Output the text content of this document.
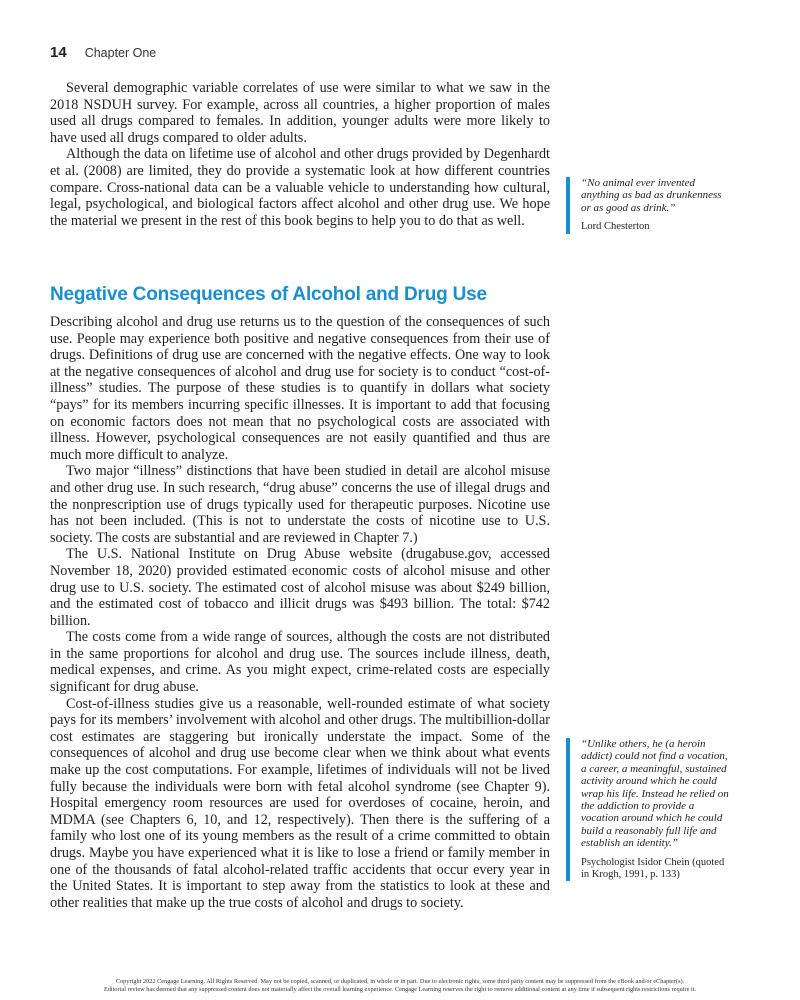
14 Chapter One

Several demographic variable correlates of use were similar to what we saw in the 2018 NSDUH survey. For example, across all countries, a higher proportion of males used all drugs compared to females. In addition, younger adults were more likely to have used all drugs compared to older adults.

Although the data on lifetime use of alcohol and other drugs provided by Degenhardt et al. (2008) are limited, they do provide a systematic look at how different countries compare. Cross-national data can be a valuable vehicle to understanding how cultural, legal, psychological, and biological factors affect alcohol and other drug use. We hope the material we present in the rest of this book begins to help you to do that as well.

“No animal ever invented anything as bad as drunkenness or as good as drink.”

Lord Chesterton

Negative Consequences of Alcohol and Drug Use

Describing alcohol and drug use returns us to the question of the consequences of such use. People may experience both positive and negative consequences from their use of drugs. Definitions of drug use are concerned with the negative effects. One way to look at the negative consequences of alcohol and drug use for society is to conduct “cost-of-illness” studies. The purpose of these studies is to quantify in dollars what society “pays” for its members incurring specific illnesses. It is important to add that focusing on economic factors does not mean that no psychological costs are associated with illness. However, psychological consequences are not easily quantified and thus are much more difficult to analyze.

Two major “illness” distinctions that have been studied in detail are alcohol misuse and other drug use. In such research, “drug abuse” concerns the use of illegal drugs and the nonprescription use of drugs typically used for therapeutic purposes. Nicotine use has not been included. (This is not to understate the costs of nicotine use to U.S. society. The costs are substantial and are reviewed in Chapter 7.)

The U.S. National Institute on Drug Abuse website (drugabuse.gov, accessed November 18, 2020) provided estimated economic costs of alcohol misuse and other drug use to U.S. society. The estimated cost of alcohol misuse was about $249 billion, and the estimated cost of tobacco and illicit drugs was $493 billion. The total: $742 billion.

The costs come from a wide range of sources, although the costs are not distributed in the same proportions for alcohol and drug use. The sources include illness, death, medical expenses, and crime. As you might expect, crime-related costs are especially significant for drug abuse.

Cost-of-illness studies give us a reasonable, well-rounded estimate of what society pays for its members’ involvement with alcohol and other drugs. The multibillion-dollar cost estimates are staggering but ironically understate the impact. Some of the consequences of alcohol and drug use become clear when we think about what events make up the cost computations. For example, lifetimes of individuals will not be lived fully because the individuals were born with fetal alcohol syndrome (see Chapter 9). Hospital emergency room resources are used for overdoses of cocaine, heroin, and MDMA (see Chapters 6, 10, and 12, respectively). Then there is the suffering of a family who lost one of its young members as the result of a crime committed to obtain drugs. Maybe you have experienced what it is like to lose a friend or family member in one of the thousands of fatal alcohol-related traffic accidents that occur every year in the United States. It is important to step away from the statistics to look at these and other realities that make up the true costs of alcohol and drugs to society.

“Unlike others, he (a heroin addict) could not find a vocation, a career, a meaningful, sustained activity around which he could wrap his life. Instead he relied on the addiction to provide a vocation around which he could build a reasonably full life and establish an identity.”

Psychologist Isidor Chein (quoted in Krogh, 1991, p. 133)

Copyright 2022 Cengage Learning. All Rights Reserved. May not be copied, scanned, or duplicated, in whole or in part. Due to electronic rights, some third party content may be suppressed from the eBook and/or eChapter(s).
Editorial review has deemed that any suppressed content does not materially affect the overall learning experience. Cengage Learning reserves the right to remove additional content at any time if subsequent rights restrictions require it.
